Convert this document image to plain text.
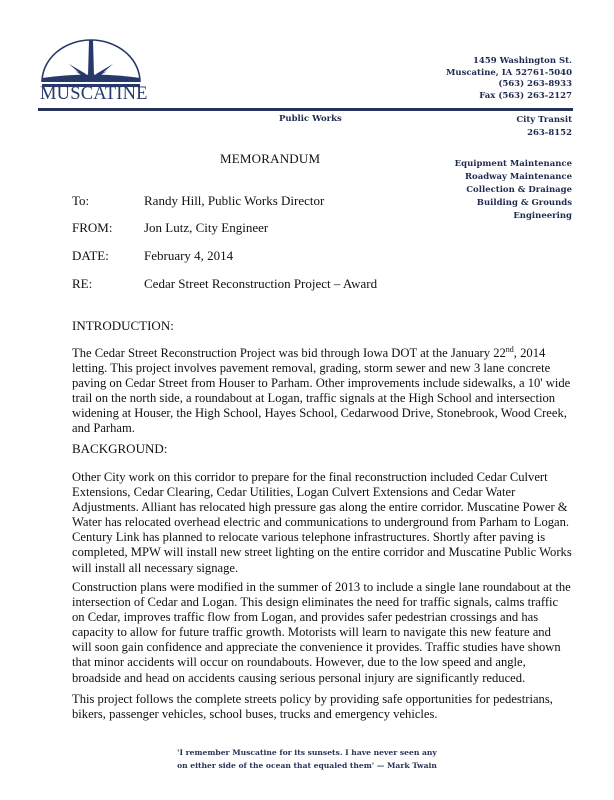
MUSCATINE
1459 Washington St.
Muscatine, IA 52761-5040
(563) 263-8933
Fax (563) 263-2127
Public Works	City Transit
263-8152
Equipment Maintenance
Roadway Maintenance
Collection & Drainage
Building & Grounds
Engineering
MEMORANDUM
To:	Randy Hill, Public Works Director
FROM: Jon Lutz, City Engineer
DATE:	February 4, 2014
RE:	Cedar Street Reconstruction Project – Award
INTRODUCTION:

The Cedar Street Reconstruction Project was bid through Iowa DOT at the January 22nd, 2014 letting. This project involves pavement removal, grading, storm sewer and new 3 lane concrete paving on Cedar Street from Houser to Parham. Other improvements include sidewalks, a 10' wide trail on the north side, a roundabout at Logan, traffic signals at the High School and intersection widening at Houser, the High School, Hayes School, Cedarwood Drive, Stonebrook, Wood Creek, and Parham.

BACKGROUND:

Other City work on this corridor to prepare for the final reconstruction included Cedar Culvert Extensions, Cedar Clearing, Cedar Utilities, Logan Culvert Extensions and Cedar Water Adjustments. Alliant has relocated high pressure gas along the entire corridor. Muscatine Power & Water has relocated overhead electric and communications to underground from Parham to Logan. Century Link has planned to relocate various telephone infrastructures. Shortly after paving is completed, MPW will install new street lighting on the entire corridor and Muscatine Public Works will install all necessary signage.

Construction plans were modified in the summer of 2013 to include a single lane roundabout at the intersection of Cedar and Logan. This design eliminates the need for traffic signals, calms traffic on Cedar, improves traffic flow from Logan, and provides safer pedestrian crossings and has capacity to allow for future traffic growth. Motorists will learn to navigate this new feature and will soon gain confidence and appreciate the convenience it provides. Traffic studies have shown that minor accidents will occur on roundabouts. However, due to the low speed and angle, broadside and head on accidents causing serious personal injury are significantly reduced.

This project follows the complete streets policy by providing safe opportunities for pedestrians, bikers, passenger vehicles, school buses, trucks and emergency vehicles.

'I remember Muscatine for its sunsets. I have never seen any
on either side of the ocean that equaled them' — Mark Twain
